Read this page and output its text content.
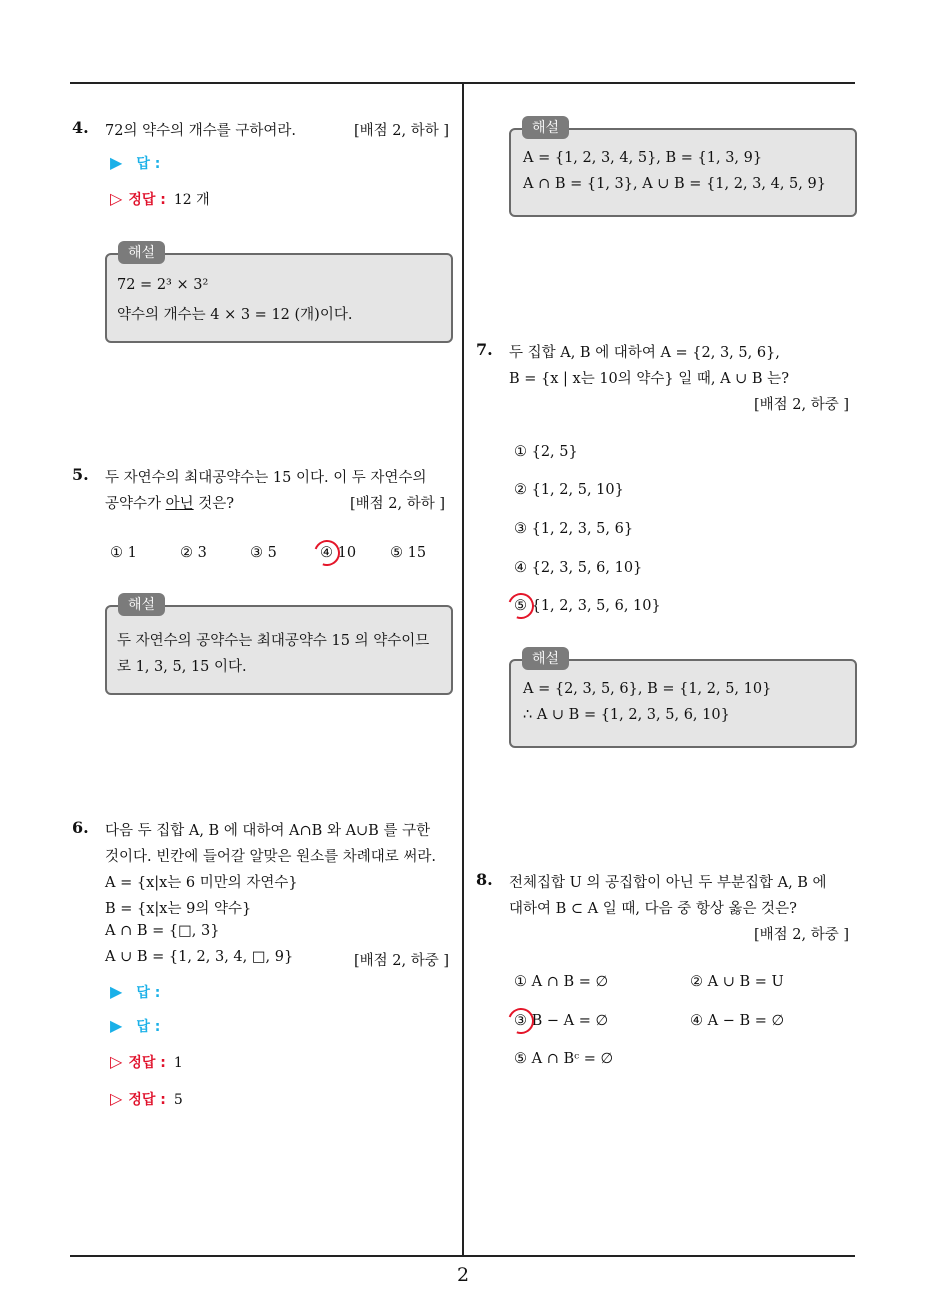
2
4. 72의 약수의 개수를 구하여라.	[배점 2, 하하 ]
▶ 답 :
▷ 정답 : 12 개
72 = 2³ × 3²
약수의 개수는 4 × 3 = 12 (개)이다.
해설
5. 두 자연수의 최대공약수는 15 이다. 이 두 자연수의
공약수가 아닌 것은?	[배점 2, 하하 ]
① 1	② 3	③ 5	④ 10 ⑤ 15
두 자연수의 공약수는 최대공약수 15 의 약수이므
로 1, 3, 5, 15 이다.
해설
6. 다음 두 집합 A, B 에 대하여 A∩B 와 A∪B 를 구한
것이다. 빈칸에 들어갈 알맞은 원소를 차례대로 써라.
A = {x|x는 6 미만의 자연수}
B = {x|x는 9의 약수}
A ∩ B = {□, 3}
A ∪ B = {1, 2, 3, 4, □, 9}	[배점 2, 하중 ]
▶ 답 :
▶ 답 :
▷ 정답 : 1
▷ 정답 : 5
A = {1, 2, 3, 4, 5}, B = {1, 3, 9}
A ∩ B = {1, 3}, A ∪ B = {1, 2, 3, 4, 5, 9}
해설
7. 두 집합 A, B 에 대하여 A = {2, 3, 5, 6},
B = {x | x는 10의 약수} 일 때, A ∪ B 는?
[배점 2, 하중 ]
① {2, 5}
② {1, 2, 5, 10}
③ {1, 2, 3, 5, 6}
④ {2, 3, 5, 6, 10}
⑤ {1, 2, 3, 5, 6, 10}
A = {2, 3, 5, 6}, B = {1, 2, 5, 10}
∴ A ∪ B = {1, 2, 3, 5, 6, 10}
해설
8. 전체집합 U 의 공집합이 아닌 두 부분집합 A, B 에
대하여 B ⊂ A 일 때, 다음 중 항상 옳은 것은?
[배점 2, 하중 ]
① A ∩ B = ∅	② A ∪ B = U
③ B − A = ∅	④ A − B = ∅
⑤ A ∩ Bᶜ = ∅
